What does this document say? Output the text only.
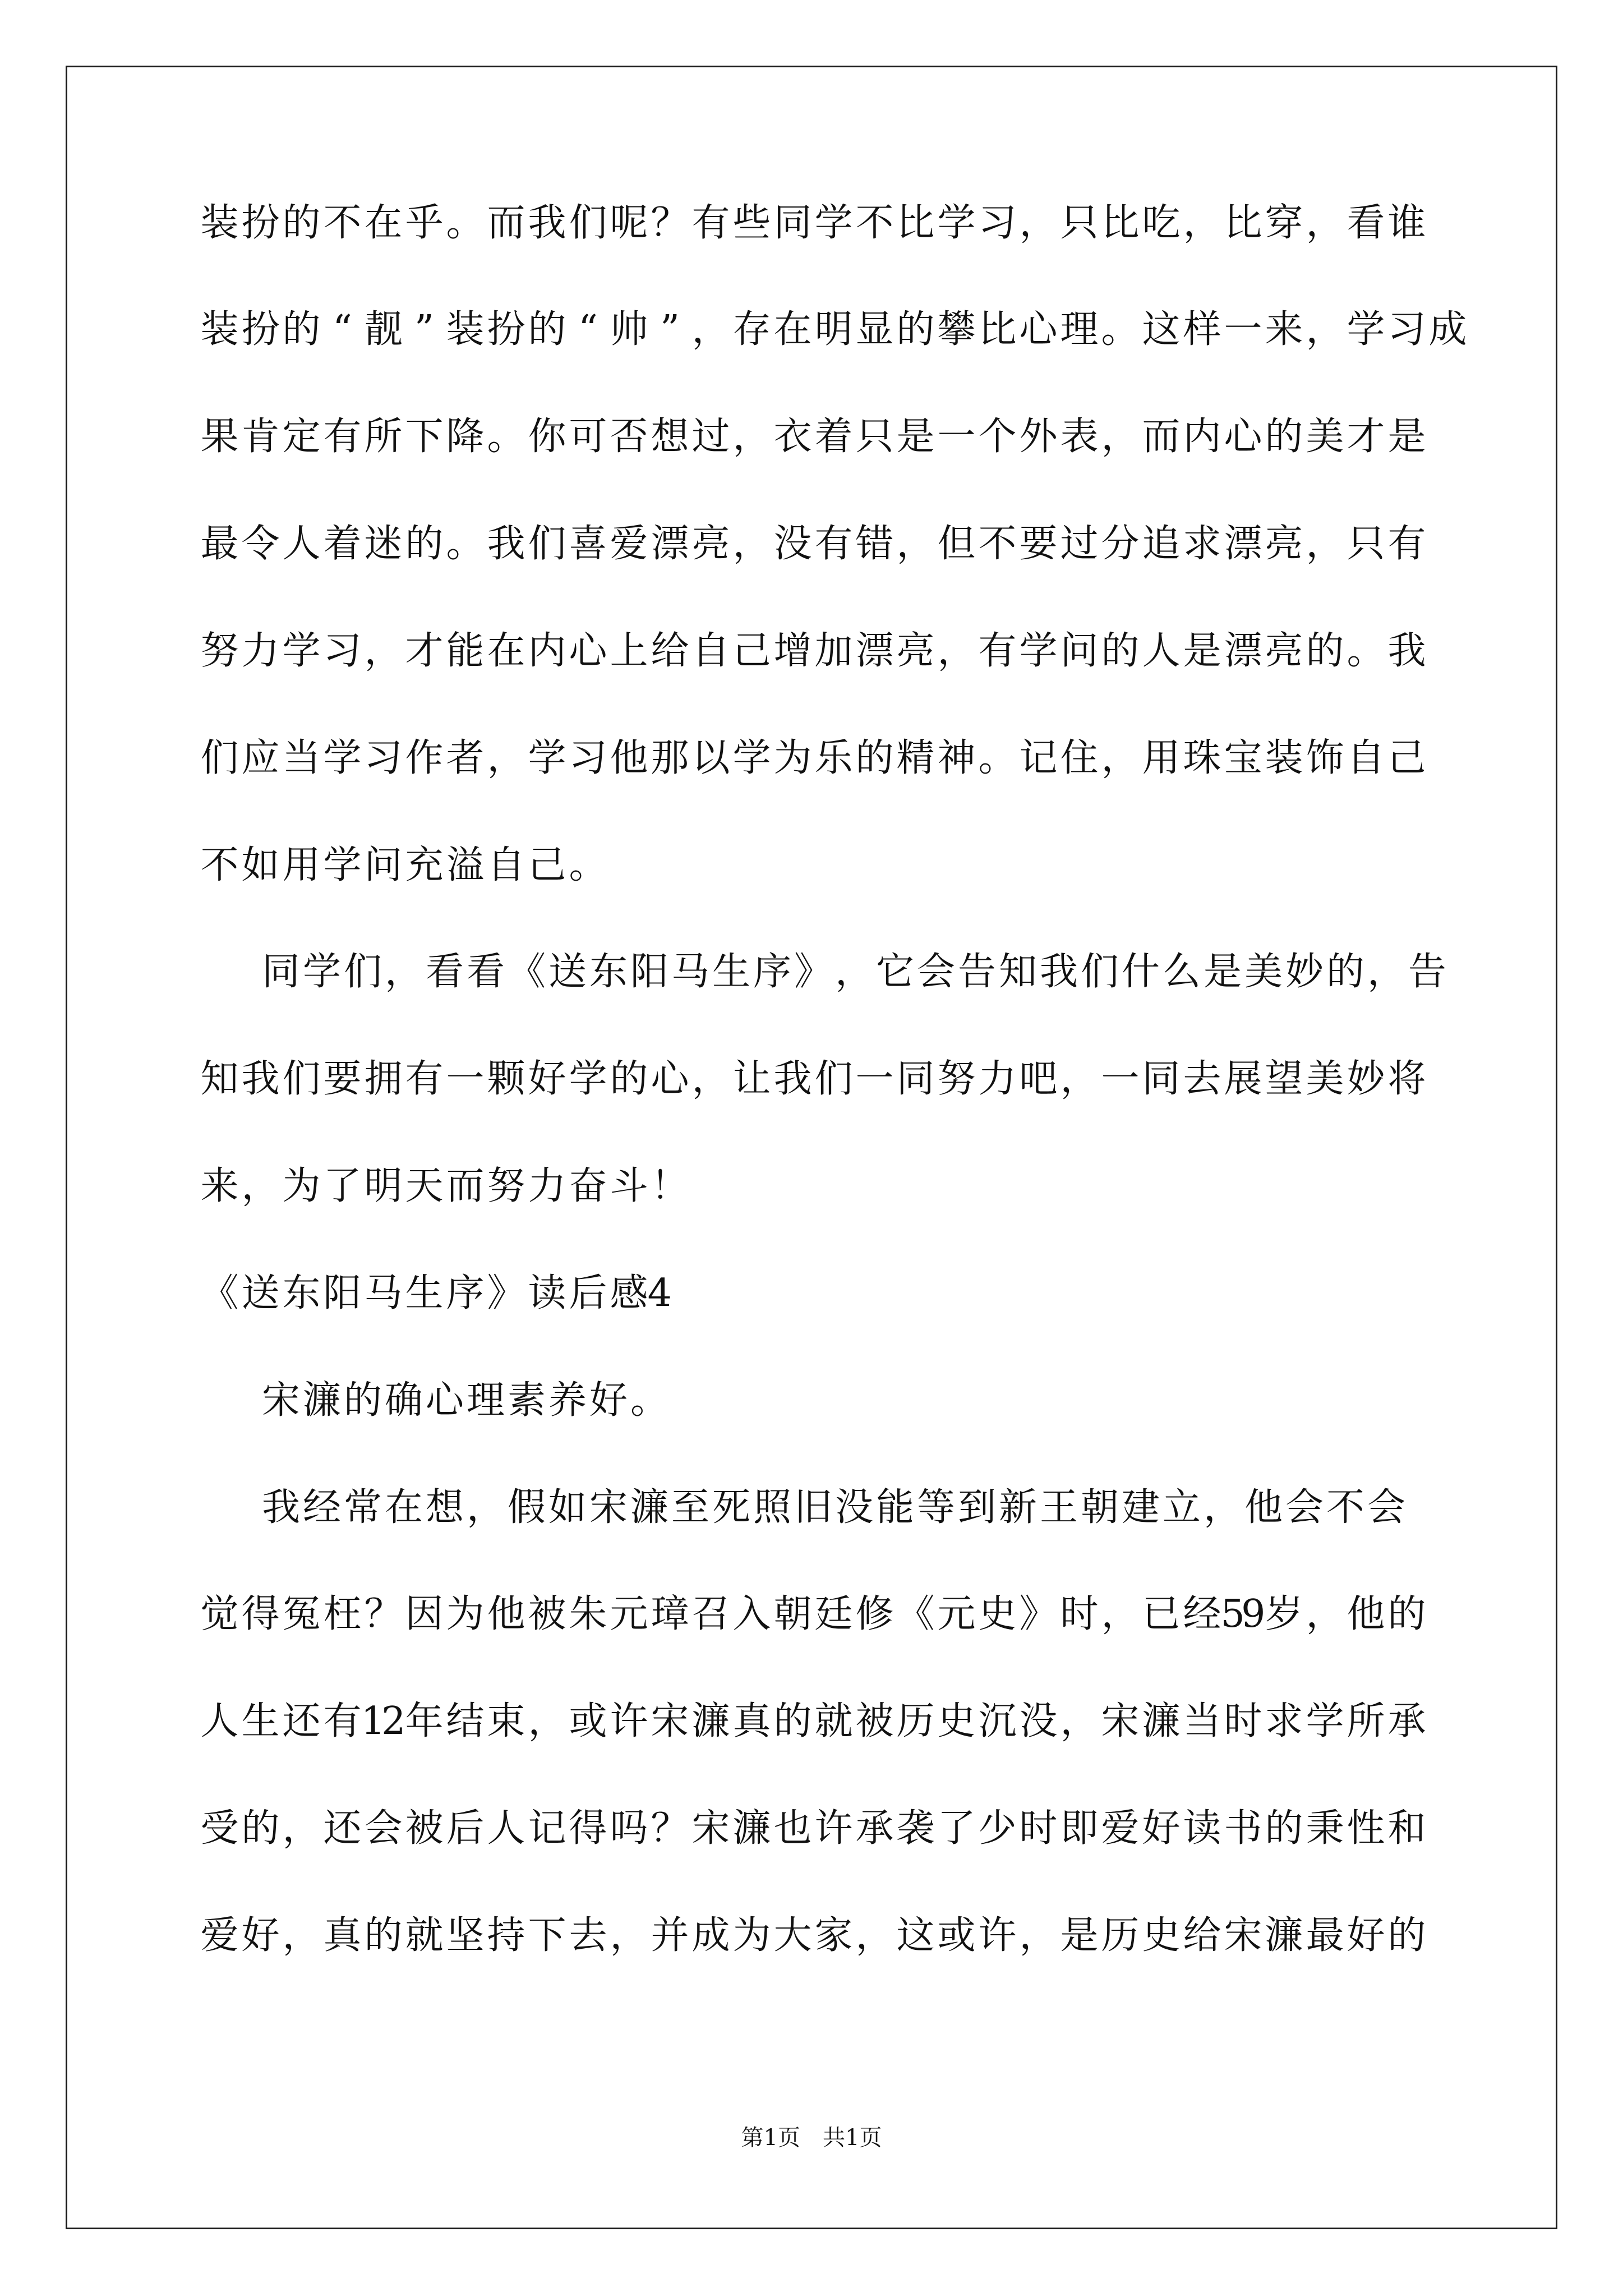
装 扮 的 不 在 乎 。 而 我 们 呢 ？ 有 些 同 学 不 比 学 习 ， 只 比 吃 ， 比 穿 ， 看 谁

装 扮 的 “ 靓 ” 装 扮 的 “ 帅 ” ， 存 在 明 显 的 攀 比 心 理 。 这 样 一 来 ， 学 习 成

果 肯 定 有 所 下 降 。 你 可 否 想 过 ， 衣 着 只 是 一 个 外 表 ， 而 内 心 的 美 才 是

最 令 人 着 迷 的 。 我 们 喜 爱 漂 亮 ， 没 有 错 ， 但 不 要 过 分 追 求 漂 亮 ， 只 有

努 力 学 习 ， 才 能 在 内 心 上 给 自 己 增 加 漂 亮 ， 有 学 问 的 人 是 漂 亮 的 。 我

们 应 当 学 习 作 者 ， 学 习 他 那 以 学 为 乐 的 精 神 。 记 住 ， 用 珠 宝 装 饰 自 己

不 如 用 学 问 充 溢 自 己 。

同 学 们 ， 看 看 《 送 东 阳 马 生 序 》 ， 它 会 告 知 我 们 什 么 是 美 妙 的 ， 告

知 我 们 要 拥 有 一 颗 好 学 的 心 ， 让 我 们 一 同 努 力 吧 ， 一 同 去 展 望 美 妙 将

来 ， 为 了 明 天 而 努 力 奋 斗 ！

《 送 东 阳 马 生 序 》 读 后 感 4

宋 濂 的 确 心 理 素 养 好 。

我 经 常 在 想 ， 假 如 宋 濂 至 死 照 旧 没 能 等 到 新 王 朝 建 立 ， 他 会 不 会

觉 得 冤 枉 ？ 因 为 他 被 朱 元 璋 召 入 朝 廷 修 《 元 史 》 时 ， 已 经 5
9 岁 ， 他 的

人 生 还 有 1
2 年 结 束 ， 或 许 宋 濂 真 的 就 被 历 史 沉 没 ， 宋 濂 当 时 求 学 所 承

受 的 ， 还 会 被 后 人 记 得 吗 ？ 宋 濂 也 许 承 袭 了 少 时 即 爱 好 读 书 的 秉 性 和

爱 好 ， 真 的 就 坚 持 下 去 ， 并 成 为 大 家 ， 这 或 许 ， 是 历 史 给 宋 濂 最 好 的

第1页　共1页
